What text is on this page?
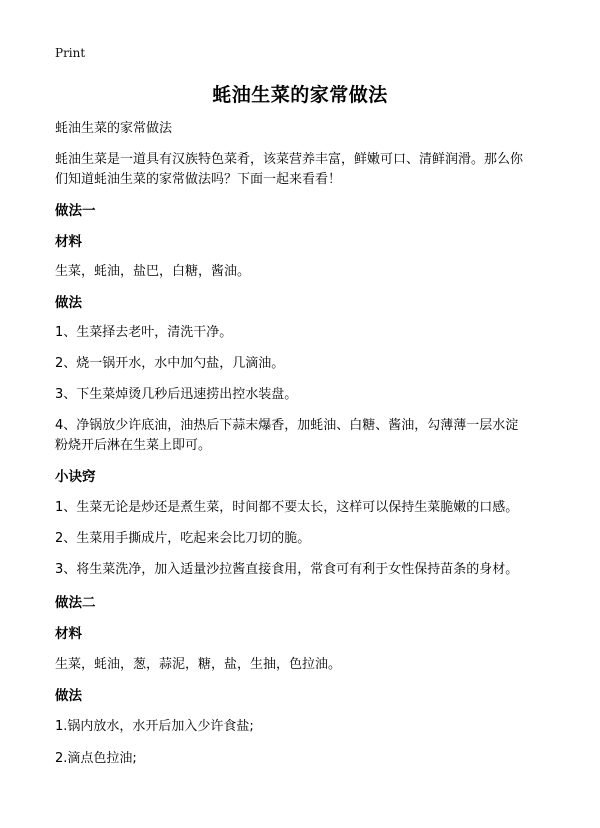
Print
蚝油生菜的家常做法
蚝油生菜的家常做法
蚝油生菜是一道具有汉族特色菜肴，该菜营养丰富，鲜嫩可口、清鲜润滑。那么你
们知道蚝油生菜的家常做法吗？下面一起来看看！
做法一
材料
生菜，蚝油，盐巴，白糖，酱油。
做法
1、生菜择去老叶，清洗干净。
2、烧一锅开水，水中加勺盐，几滴油。
3、下生菜焯烫几秒后迅速捞出控水装盘。
4、净锅放少许底油，油热后下蒜末爆香，加蚝油、白糖、酱油，勾薄薄一层水淀
粉烧开后淋在生菜上即可。
小诀窍
1、生菜无论是炒还是煮生菜，时间都不要太长，这样可以保持生菜脆嫩的口感。
2、生菜用手撕成片，吃起来会比刀切的脆。
3、将生菜洗净，加入适量沙拉酱直接食用，常食可有利于女性保持苗条的身材。
做法二
材料
生菜，蚝油，葱，蒜泥，糖，盐，生抽，色拉油。
做法
1.锅内放水，水开后加入少许食盐;
2.滴点色拉油;
